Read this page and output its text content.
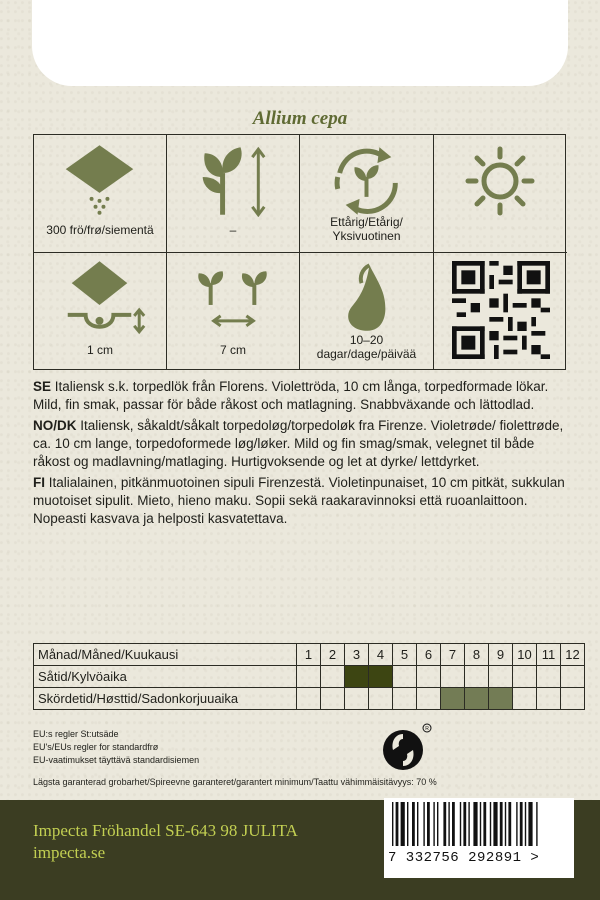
Allium cepa
300 frö/frø/siementä	–
Ettårig/Etårig/
Yksivuotinen
1 cm	7 cm
10–20
dagar/dage/päivää

SE Italiensk s.k. torpedlök från Florens. Violettröda, 10 cm långa, torpedformade lökar. Mild, fin smak, passar för både råkost och matlagning. Snabbväxande och lättodlad.

NO/DK Italiensk, såkaldt/såkalt torpedoløg/torpedoløk fra Firenze. Violetrøde/ fiolettrøde, ca. 10 cm lange, torpedoformede løg/løker. Mild og fin smag/smak, velegnet til både råkost og madlavning/matlaging. Hurtigvoksende og let at dyrke/ lettdyrket.

FI Italialainen, pitkänmuotoinen sipuli Firenzestä. Violetinpunaiset, 10 cm pitkät, sukkulan muotoiset sipulit. Mieto, hieno maku. Sopii sekä raakaravinnoksi että ruoanlaittoon. Nopeasti kasvava ja helposti kasvatettava.

Månad/Måned/Kuukausi	1	2	3	4	5	6	7	8	9	10	11	12
Såtid/Kylvöaika												
Skördetid/Høsttid/Sadonkorjuuaika												
EU:s regler St:utsäde
EU's/EUs regler for standardfrø
EU-vaatimukset täyttävä standardisiemen
R
Lägsta garanterad grobarhet/Spireevne garanteret/garantert minimum/Taattu vähimmäisitävyys: 70 %
Impecta Fröhandel SE-643 98 JULITA
impecta.se	7 332756 292891 >
